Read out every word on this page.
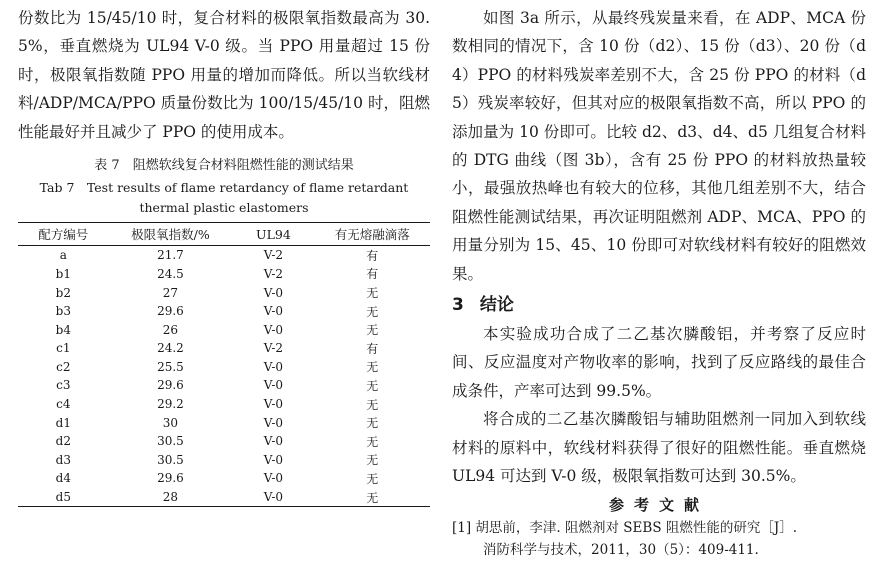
份数比为 15/45/10 时，复合材料的极限氧指数最高为 30.5%，垂直燃烧为 UL94 V-0 级。当 PPO 用量超过 15 份时，极限氧指数随 PPO 用量的增加而降低。所以当软线材料/ADP/MCA/PPO 质量份数比为 100/15/45/10 时，阻燃性能最好并且减少了 PPO 的使用成本。

表 7　阻燃软线复合材料阻燃性能的测试结果
Tab 7　Test results of flame retardancy of flame retardant thermal plastic elastomers
配方编号	极限氧指数/%	UL94	有无熔融滴落
a	21.7	V-2	有
b1	24.5	V-2	有
b2	27	V-0	无
b3	29.6	V-0	无
b4	26	V-0	无
c1	24.2	V-2	有
c2	25.5	V-0	无
c3	29.6	V-0	无
c4	29.2	V-0	无
d1	30	V-0	无
d2	30.5	V-0	无
d3	30.5	V-0	无
d4	29.6	V-0	无
d5	28	V-0	无

如图 3a 所示，从最终残炭量来看，在 ADP、MCA 份数相同的情况下，含 10 份（d2）、15 份（d3）、20 份（d4）PPO 的材料残炭率差别不大，含 25 份 PPO 的材料（d5）残炭率较好，但其对应的极限氧指数不高，所以 PPO 的添加量为 10 份即可。比较 d2、d3、d4、d5 几组复合材料的 DTG 曲线（图 3b），含有 25 份 PPO 的材料放热量较小，最强放热峰也有较大的位移，其他几组差别不大，结合阻燃性能测试结果，再次证明阻燃剂 ADP、MCA、PPO 的用量分别为 15、45、10 份即可对软线材料有较好的阻燃效果。

3 结论

本实验成功合成了二乙基次膦酸铝，并考察了反应时间、反应温度对产物收率的影响，找到了反应路线的最佳合成条件，产率可达到 99.5%。

将合成的二乙基次膦酸铝与辅助阻燃剂一同加入到软线材料的原料中，软线材料获得了很好的阻燃性能。垂直燃烧 UL94 可达到 V-0 级，极限氧指数可达到 30.5%。

参考文献

[1] 胡思前，李津. 阻燃剂对 SEBS 阻燃性能的研究［J］.
消防科学与技术，2011，30（5）：409-411.
